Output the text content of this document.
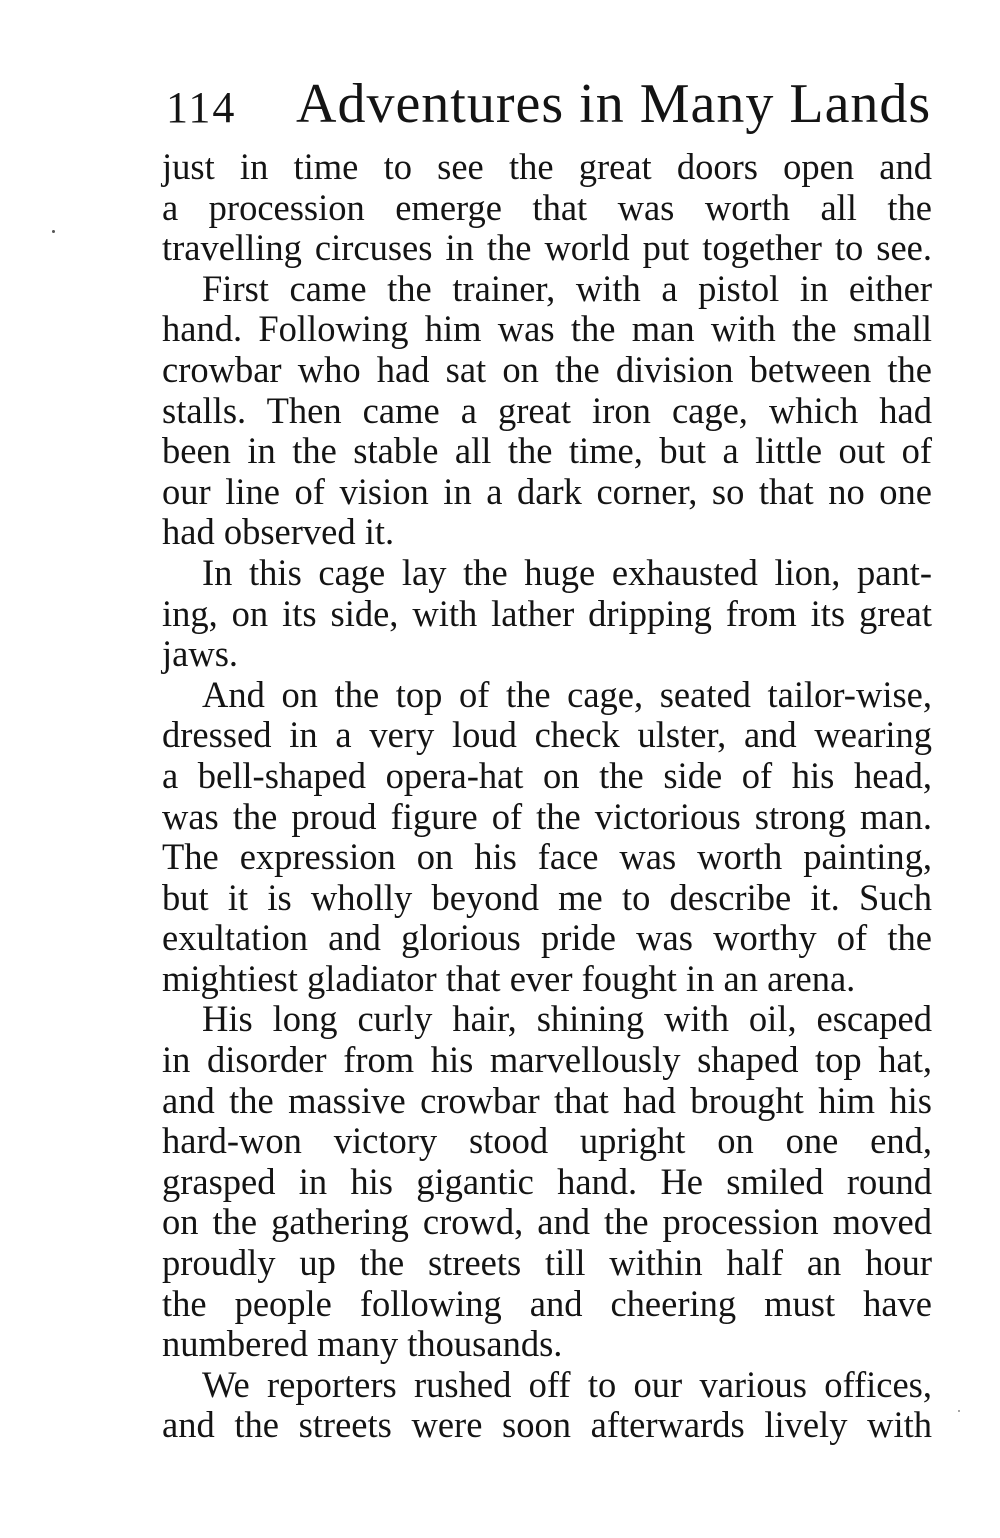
114 Adventures in Many Lands
just in time to see the great doors open and
a procession emerge that was worth all the
travelling circuses in the world put together to see.
First came the trainer, with a pistol in either
hand. Following him was the man with the small
crowbar who had sat on the division between the
stalls. Then came a great iron cage, which had
been in the stable all the time, but a little out of
our line of vision in a dark corner, so that no one
had observed it.
In this cage lay the huge exhausted lion, pant-
ing, on its side, with lather dripping from its great
jaws.
And on the top of the cage, seated tailor-wise,
dressed in a very loud check ulster, and wearing
a bell-shaped opera-hat on the side of his head,
was the proud figure of the victorious strong man.
The expression on his face was worth painting,
but it is wholly beyond me to describe it. Such
exultation and glorious pride was worthy of the
mightiest gladiator that ever fought in an arena.
His long curly hair, shining with oil, escaped
in disorder from his marvellously shaped top hat,
and the massive crowbar that had brought him his
hard-won victory stood upright on one end,
grasped in his gigantic hand. He smiled round
on the gathering crowd, and the procession moved
proudly up the streets till within half an hour
the people following and cheering must have
numbered many thousands.
We reporters rushed off to our various offices,
and the streets were soon afterwards lively with
